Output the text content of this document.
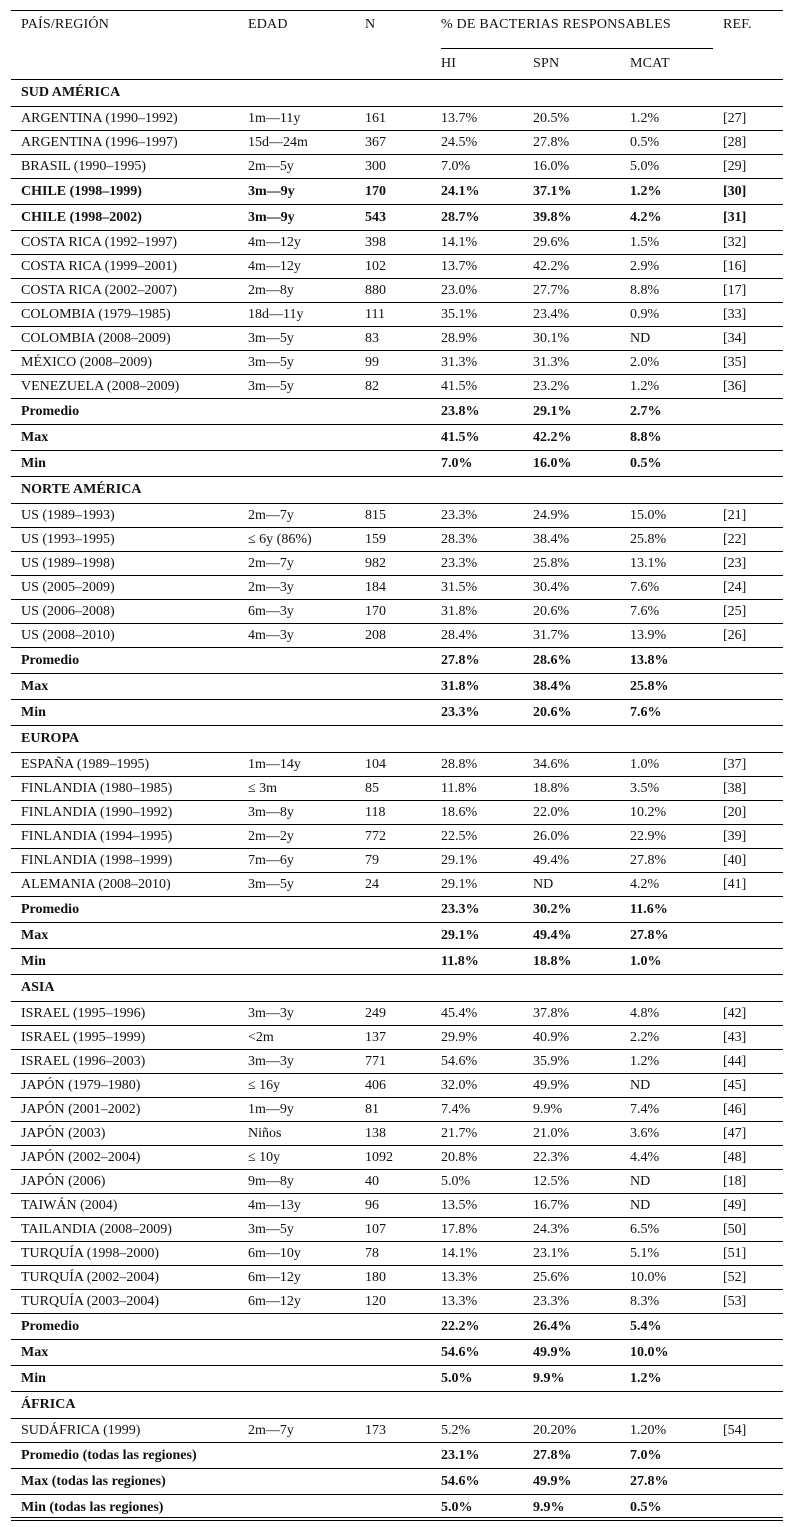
PAÍS/REGIÓN	EDAD	N	% DE BACTERIAS RESPONSABLES			REF.
			HI	SPN	MCAT	
SUD AMÉRICA						
ARGENTINA (1990–1992)	1m—11y	161	13.7%	20.5%	1.2%	[27]
ARGENTINA (1996–1997)	15d—24m	367	24.5%	27.8%	0.5%	[28]
BRASIL (1990–1995)	2m—5y	300	7.0%	16.0%	5.0%	[29]
CHILE (1998–1999)	3m—9y	170	24.1%	37.1%	1.2%	[30]
CHILE (1998–2002)	3m—9y	543	28.7%	39.8%	4.2%	[31]
COSTA RICA (1992–1997)	4m—12y	398	14.1%	29.6%	1.5%	[32]
COSTA RICA (1999–2001)	4m—12y	102	13.7%	42.2%	2.9%	[16]
COSTA RICA (2002–2007)	2m—8y	880	23.0%	27.7%	8.8%	[17]
COLOMBIA (1979–1985)	18d—11y	111	35.1%	23.4%	0.9%	[33]
COLOMBIA (2008–2009)	3m—5y	83	28.9%	30.1%	ND	[34]
MÉXICO (2008–2009)	3m—5y	99	31.3%	31.3%	2.0%	[35]
VENEZUELA (2008–2009)	3m—5y	82	41.5%	23.2%	1.2%	[36]
Promedio			23.8%	29.1%	2.7%	
Max			41.5%	42.2%	8.8%	
Min			7.0%	16.0%	0.5%	
NORTE AMÉRICA						
US (1989–1993)	2m—7y	815	23.3%	24.9%	15.0%	[21]
US (1993–1995)	≤ 6y (86%)	159	28.3%	38.4%	25.8%	[22]
US (1989–1998)	2m—7y	982	23.3%	25.8%	13.1%	[23]
US (2005–2009)	2m—3y	184	31.5%	30.4%	7.6%	[24]
US (2006–2008)	6m—3y	170	31.8%	20.6%	7.6%	[25]
US (2008–2010)	4m—3y	208	28.4%	31.7%	13.9%	[26]
Promedio			27.8%	28.6%	13.8%	
Max			31.8%	38.4%	25.8%	
Min			23.3%	20.6%	7.6%	
EUROPA						
ESPAÑA (1989–1995)	1m—14y	104	28.8%	34.6%	1.0%	[37]
FINLANDIA (1980–1985)	≤ 3m	85	11.8%	18.8%	3.5%	[38]
FINLANDIA (1990–1992)	3m—8y	118	18.6%	22.0%	10.2%	[20]
FINLANDIA (1994–1995)	2m—2y	772	22.5%	26.0%	22.9%	[39]
FINLANDIA (1998–1999)	7m—6y	79	29.1%	49.4%	27.8%	[40]
ALEMANIA (2008–2010)	3m—5y	24	29.1%	ND	4.2%	[41]
Promedio			23.3%	30.2%	11.6%	
Max			29.1%	49.4%	27.8%	
Min			11.8%	18.8%	1.0%	
ASIA						
ISRAEL (1995–1996)	3m—3y	249	45.4%	37.8%	4.8%	[42]
ISRAEL (1995–1999)	<2m	137	29.9%	40.9%	2.2%	[43]
ISRAEL (1996–2003)	3m—3y	771	54.6%	35.9%	1.2%	[44]
JAPÓN (1979–1980)	≤ 16y	406	32.0%	49.9%	ND	[45]
JAPÓN (2001–2002)	1m—9y	81	7.4%	9.9%	7.4%	[46]
JAPÓN (2003)	Niños	138	21.7%	21.0%	3.6%	[47]
JAPÓN (2002–2004)	≤ 10y	1092	20.8%	22.3%	4.4%	[48]
JAPÓN (2006)	9m—8y	40	5.0%	12.5%	ND	[18]
TAIWÁN (2004)	4m—13y	96	13.5%	16.7%	ND	[49]
TAILANDIA (2008–2009)	3m—5y	107	17.8%	24.3%	6.5%	[50]
TURQUÍA (1998–2000)	6m—10y	78	14.1%	23.1%	5.1%	[51]
TURQUÍA (2002–2004)	6m—12y	180	13.3%	25.6%	10.0%	[52]
TURQUÍA (2003–2004)	6m—12y	120	13.3%	23.3%	8.3%	[53]
Promedio			22.2%	26.4%	5.4%	
Max			54.6%	49.9%	10.0%	
Min			5.0%	9.9%	1.2%	
ÁFRICA						
SUDÁFRICA (1999)	2m—7y	173	5.2%	20.20%	1.20%	[54]
Promedio (todas las regiones)			23.1%	27.8%	7.0%	
Max (todas las regiones)			54.6%	49.9%	27.8%	
Min (todas las regiones)			5.0%	9.9%	0.5%	
